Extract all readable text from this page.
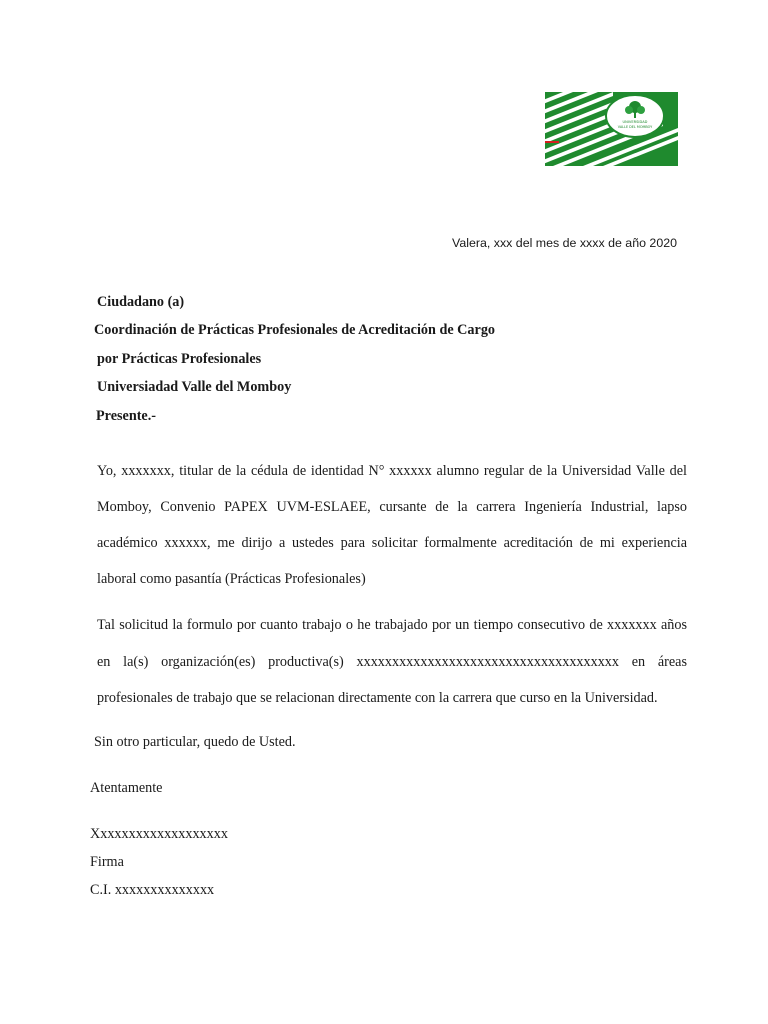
UNIVERSIDAD
VALLE DEL MOMBOY
Valera, xxx del mes de xxxx de año 2020
Ciudadano (a)
Coordinación de Prácticas Profesionales de Acreditación de Cargo
por Prácticas Profesionales
Universiadad Valle del Momboy
Presente.-
Yo, xxxxxxx, titular de la cédula de identidad N° xxxxxx alumno regular de la Universidad Valle del Momboy, Convenio PAPEX UVM-ESLAEE, cursante de la carrera Ingeniería Industrial, lapso académico xxxxxx, me dirijo a ustedes para solicitar formalmente acreditación de mi experiencia laboral como pasantía (Prácticas Profesionales)
Tal solicitud la formulo por cuanto trabajo o he trabajado por un tiempo consecutivo de xxxxxxx años en la(s) organización(es) productiva(s) xxxxxxxxxxxxxxxxxxxxxxxxxxxxxxxxxxxxx en áreas profesionales de trabajo que se relacionan directamente con la carrera que curso en la Universidad.
Sin otro particular, quedo de Usted.
Atentamente
Xxxxxxxxxxxxxxxxxxx
Firma
C.I. xxxxxxxxxxxxxx
